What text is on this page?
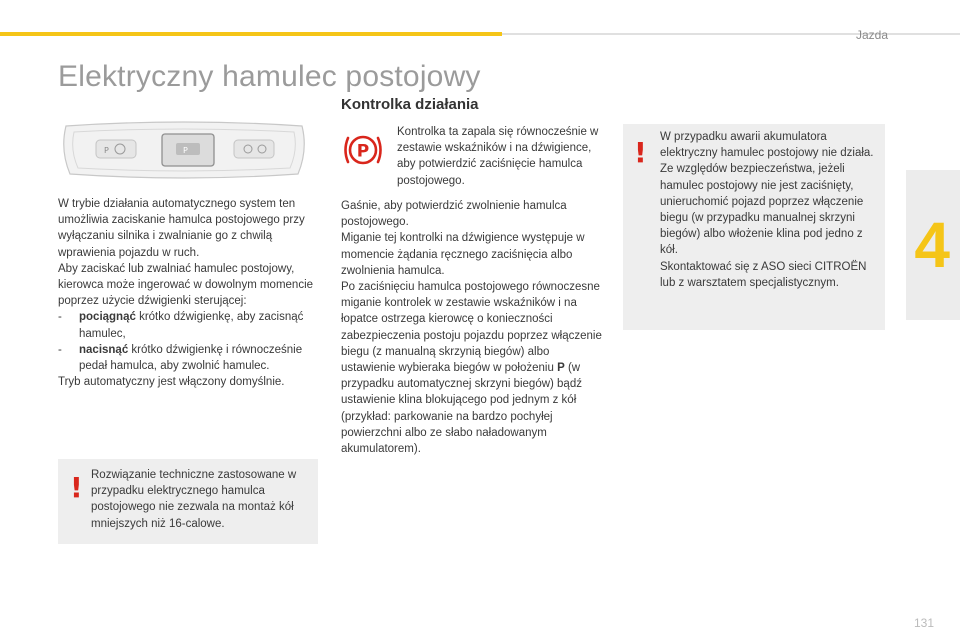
Jazda
4
Elektryczny hamulec postojowy
Kontrolka działania
P	P

W trybie działania automatycznego system ten umożliwia zaciskanie hamulca postojowego przy wyłączaniu silnika i zwalnianie go z chwilą wprawienia pojazdu w ruch.

Aby zaciskać lub zwalniać hamulec postojowy, kierowca może ingerować w dowolnym momencie poprzez użycie dźwigienki sterującej:

-	pociągnąć krótko dźwigienkę, aby zacisnąć hamulec,
-	nacisnąć krótko dźwigienkę i równocześnie pedał hamulca, aby zwolnić hamulec.

Tryb automatyczny jest włączony domyślnie.

! Rozwiązanie techniczne zastosowane w przypadku elektrycznego hamulca postojowego nie zezwala na montaż kół mniejszych niż 16-calowe.

P

Kontrolka ta zapala się równocześnie w zestawie wskaźników i na dźwigience, aby potwierdzić zaciśnięcie hamulca postojowego.

Gaśnie, aby potwierdzić zwolnienie hamulca postojowego.

Miganie tej kontrolki na dźwigience występuje w momencie żądania ręcznego zaciśnięcia albo zwolnienia hamulca.

Po zaciśnięciu hamulca postojowego równoczesne miganie kontrolek w zestawie wskaźników i na łopatce ostrzega kierowcę o konieczności zabezpieczenia postoju pojazdu poprzez włączenie biegu (z manualną skrzynią biegów) albo ustawienie wybieraka biegów w położeniu P (w przypadku automatycznej skrzyni biegów) bądź ustawienie klina blokującego pod jednym z kół (przykład: parkowanie na bardzo pochyłej powierzchni albo ze słabo naładowanym akumulatorem).

! W przypadku awarii akumulatora elektryczny hamulec postojowy nie działa.

Ze względów bezpieczeństwa, jeżeli hamulec postojowy nie jest zaciśnięty, unieruchomić pojazd poprzez włączenie biegu (w przypadku manualnej skrzyni biegów) albo włożenie klina pod jedno z kół.

Skontaktować się z ASO sieci CITROËN lub z warsztatem specjalistycznym.

131
